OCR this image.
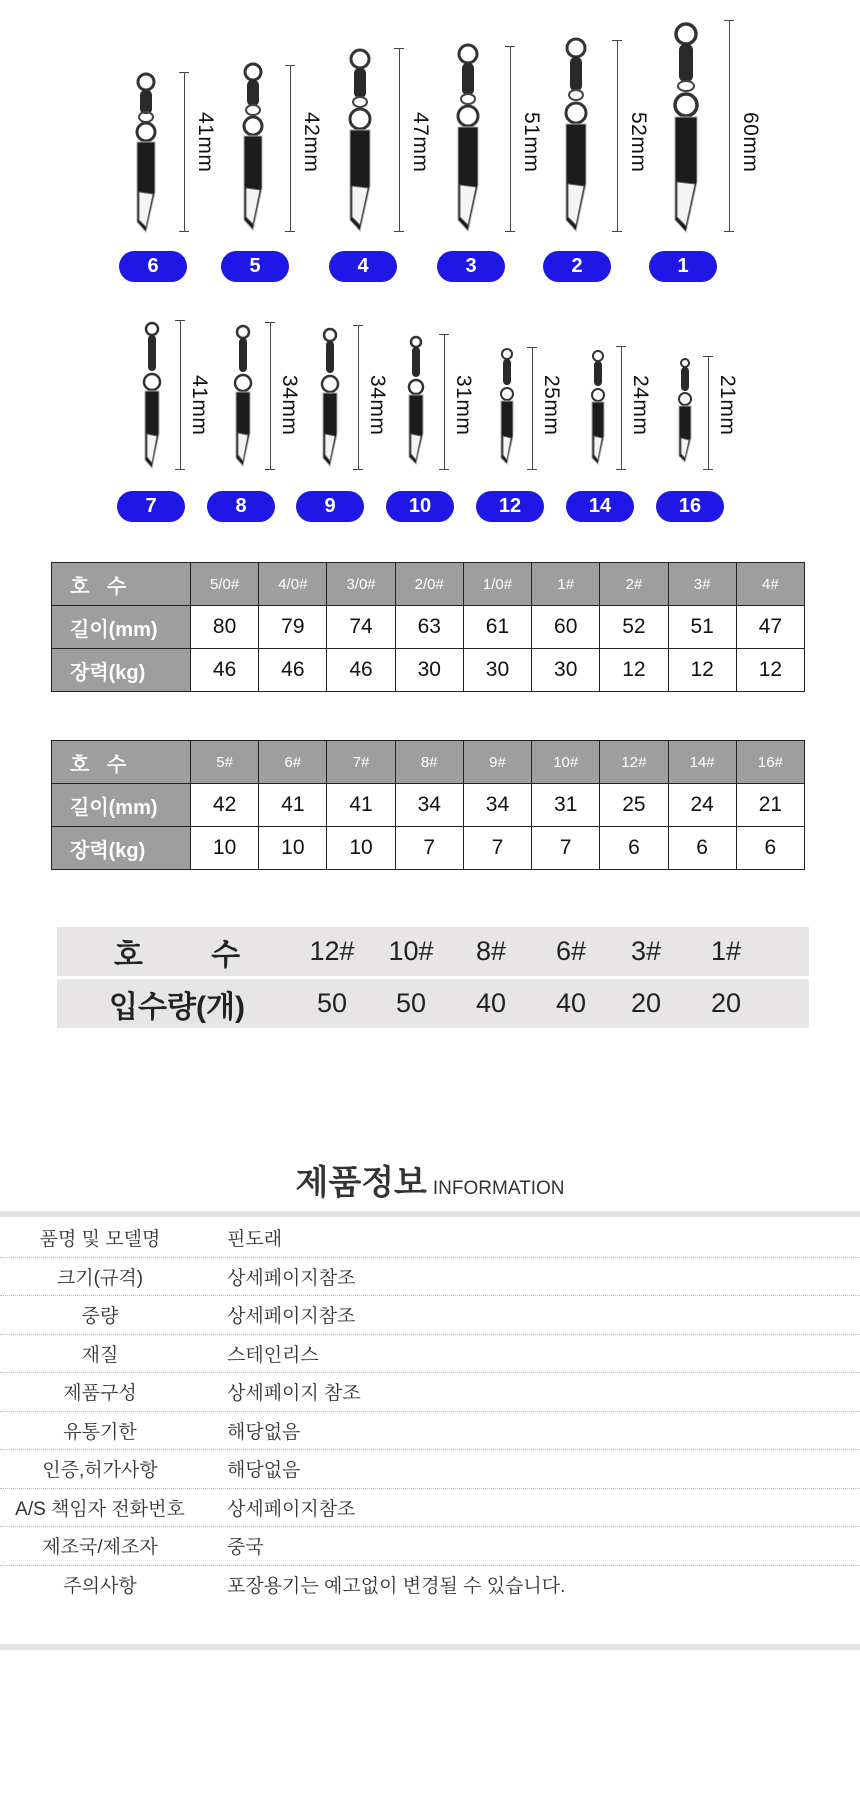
41mm
6
42mm
5
47mm
4
51mm
3
52mm
2
60mm
1
41mm
7
34mm
8
34mm
9
31mm
10
25mm
12
24mm
14
21mm
16
호 수	5/0#	4/0#	3/0#	2/0#	1/0#	1#	2#	3#	4#
길이(mm)	80	79	74	63	61	60	52	51	47
장력(kg)	46	46	46	30	30	30	12	12	12
호 수	5#	6#	7#	8#	9#	10#	12#	14#	16#
길이(mm)	42	41	41	34	34	31	25	24	21
장력(kg)	10	10	10	7	7	7	6	6	6
호 수	12# 10# 8# 6# 3# 1#
입수량(개)	50 50 40 40 20 20
제품정보 INFORMATION
품명 및 모델명	핀도래
크기(규격)	상세페이지참조
중량	상세페이지참조
재질	스테인리스
제품구성	상세페이지 참조
유통기한	해당없음
인증,허가사항	해당없음
A/S 책임자 전화번호	상세페이지참조
제조국/제조자	중국
주의사항	포장용기는 예고없이 변경될 수 있습니다.
